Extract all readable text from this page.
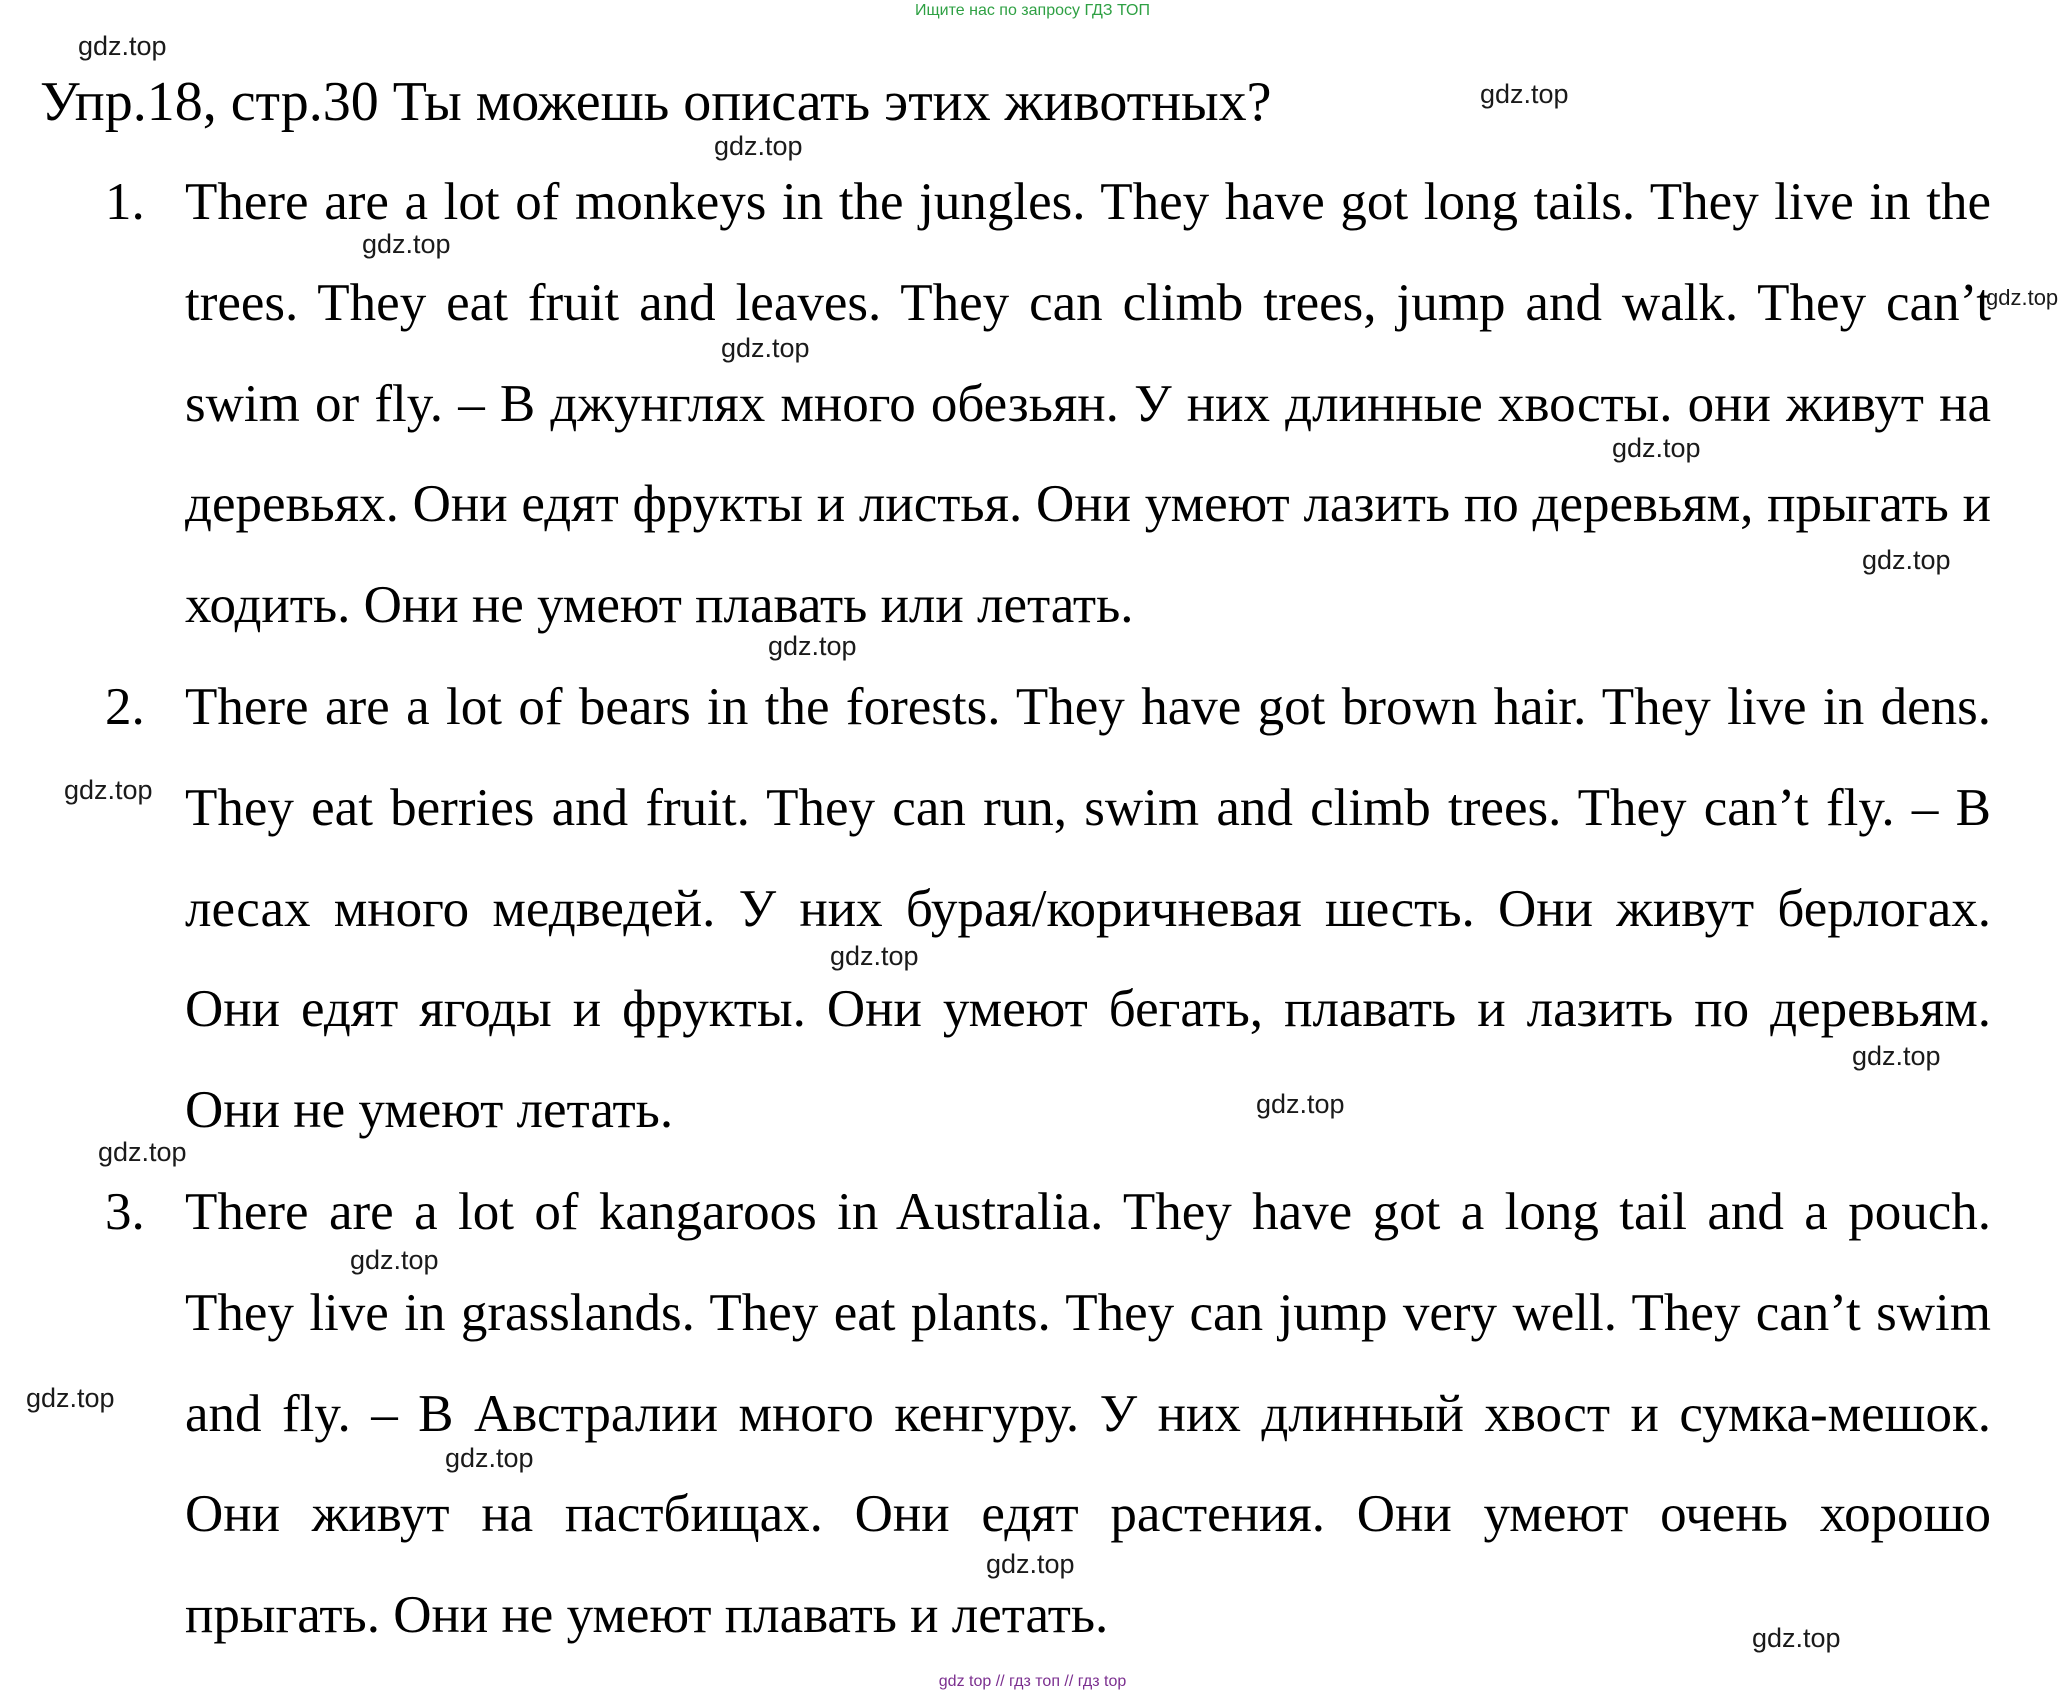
Ищите нас по запросу ГДЗ ТОП
Упр.18, стр.30 Ты можешь описать этих животных?
1. There are a lot of monkeys in the jungles. They have got long tails. They live in the trees. They eat fruit and leaves. They can climb trees, jump and walk. They can’t swim or fly. – В джунглях много обезьян. У них длинные хвосты. они живут на деревьях. Они едят фрукты и листья. Они умеют лазить по деревьям, прыгать и ходить. Они не умеют плавать или летать.
2. There are a lot of bears in the forests. They have got brown hair. They live in dens. They eat berries and fruit. They can run, swim and climb trees. They can’t fly. – В лесах много медведей. У них бурая/коричневая шесть. Они живут берлогах. Они едят ягоды и фрукты. Они умеют бегать, плавать и лазить по деревьям. Они не умеют летать.
3. There are a lot of kangaroos in Australia. They have got a long tail and a pouch. They live in grasslands. They eat plants. They can jump very well. They can’t swim and fly. – В Австралии много кенгуру. У них длинный хвост и сумка-мешок. Они живут на пастбищах. Они едят растения. Они умеют очень хорошо прыгать. Они не умеют плавать и летать.
gdz.top
gdz.top
gdz.top
gdz.top
gdz.top
gdz.top
gdz.top
gdz.top
gdz.top
gdz.top
gdz.top
gdz.top
gdz.top
gdz.top
gdz.top
gdz.top
gdz.top
gdz.top
gdz.top
gdz top // гдз топ // гдз top
